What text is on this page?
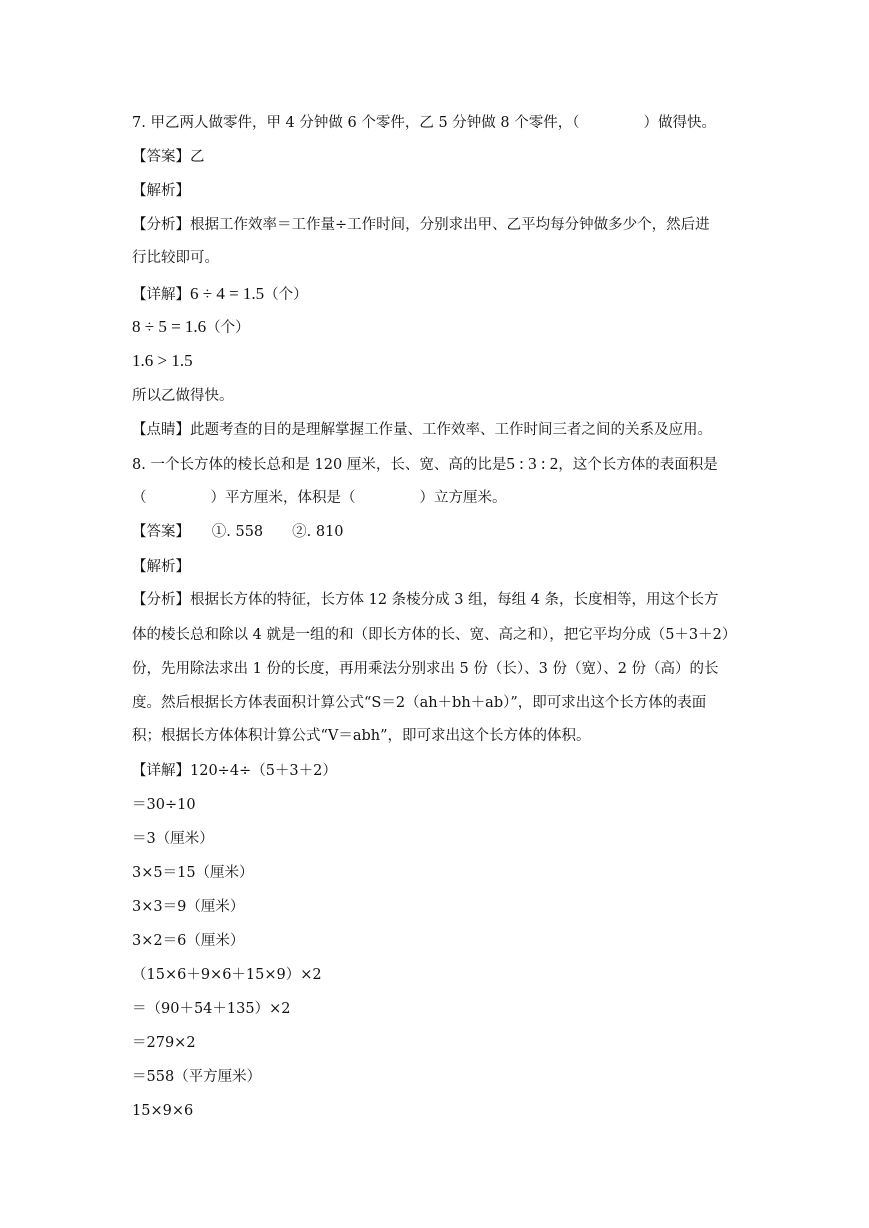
7. 甲乙两人做零件，甲 4 分钟做 6 个零件，乙 5 分钟做 8 个零件，（	）做得快。
【答案】乙
【解析】
【分析】根据工作效率＝工作量÷工作时间，分别求出甲、乙平均每分钟做多少个，然后进
行比较即可。
【详解】6 ÷ 4 = 1.5（个）
8 ÷ 5 = 1.6（个）
1.6 > 1.5
所以乙做得快。
【点睛】此题考查的目的是理解掌握工作量、工作效率、工作时间三者之间的关系及应用。
8. 一个长方体的棱长总和是 120 厘米，长、宽、高的比是5 : 3 : 2，这个长方体的表面积是
（	）平方厘米，体积是（	）立方厘米。
【答案】　　①. 558　　②. 810
【解析】
【分析】根据长方体的特征，长方体 12 条棱分成 3 组，每组 4 条，长度相等，用这个长方
体的棱长总和除以 4 就是一组的和（即长方体的长、宽、高之和），把它平均分成（5＋3＋2）
份，先用除法求出 1 份的长度，再用乘法分别求出 5 份（长）、3 份（宽）、2 份（高）的长
度。然后根据长方体表面积计算公式“S＝2（ah＋bh＋ab）”，即可求出这个长方体的表面
积；根据长方体体积计算公式“V＝abh”，即可求出这个长方体的体积。
【详解】120÷4÷（5＋3＋2）
＝30÷10
＝3（厘米）
3×5＝15（厘米）
3×3＝9（厘米）
3×2＝6（厘米）
（15×6＋9×6＋15×9）×2
＝（90＋54＋135）×2
＝279×2
＝558（平方厘米）
15×9×6
